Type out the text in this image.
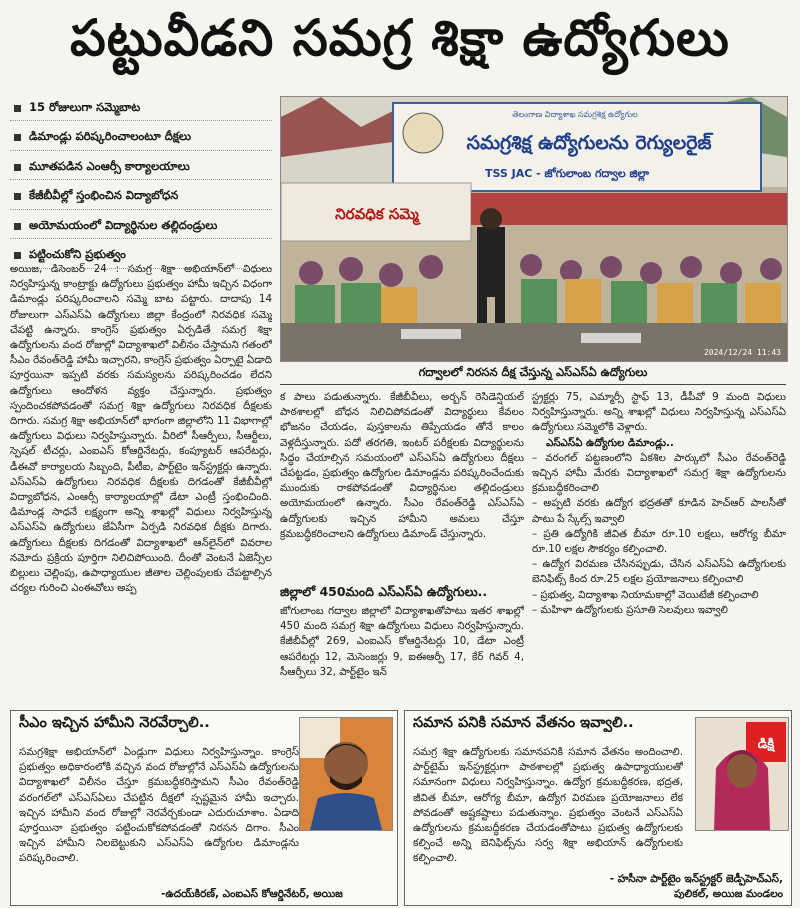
పట్టువీడని సమగ్ర శిక్షా ఉద్యోగులు
15 రోజులుగా సమ్మెబాట
డిమాండ్లు పరిష్కరించాలంటూ దీక్షలు
మూతపడిన ఎంఆర్సీ కార్యాలయాలు
కేజీబీవీల్లో స్తంభించిన విద్యాబోధన
అయోమయంలో విద్యార్థినుల తల్లిదండ్రులు
పట్టించుకోని ప్రభుత్వం

అయిజ, డిసెంబర్ 24 : సమగ్ర శిక్షా అభియాన్‌లో విధులు నిర్వహిస్తున్న కాంట్రాక్టు ఉద్యోగులు ప్రభుత్వం హామీ ఇచ్చిన విధంగా డిమాండ్లు పరిష్కరించాలని సమ్మె బాట పట్టారు. దాదాపు 14 రోజులుగా ఎస్‌ఎస్‌ఏ ఉద్యోగులు జిల్లా కేంద్రంలో నిరవధిక సమ్మె చేపట్టి ఉన్నారు. కాంగ్రెస్ ప్రభుత్వం ఏర్పడితే సమగ్ర శిక్షా ఉద్యోగులను వంద రోజుల్లో విద్యాశాఖలో విలీనం చేస్తామని గతంలో సీఎం రేవంత్‌రెడ్డి హామీ ఇచ్చారని, కాంగ్రెస్ ప్రభుత్వం ఏర్పాటై ఏడాది పూర్తయినా ఇప్పటి వరకు సమస్యలను పరిష్కరించడం లేదని ఉద్యోగులు ఆందోళన వ్యక్తం చేస్తున్నారు. ప్రభుత్వం స్పందించకపోవడంతో సమగ్ర శిక్షా ఉద్యోగులు నిరవధిక దీక్షలకు దిగారు. సమగ్ర శిక్షా అభియాన్‌లో భాగంగా జిల్లాలోని 11 విభాగాల్లో ఉద్యోగులు విధులు నిర్వహిస్తున్నారు. వీరిలో సీఆర్పీలు, సీఆర్టీలు, స్పెషల్ టీచర్లు, ఎంఐఎస్ కోఆర్డినేటర్లు, కంప్యూటర్ ఆపరేటర్లు, డీఈవో కార్యాలయ సిబ్బంది, పీటీఐ, పార్ట్‌టైం ఇన్‌స్ట్రక్టర్లు ఉన్నారు. ఎస్‌ఎస్‌ఏ ఉద్యోగులు నిరవధిక దీక్షలకు దిగడంతో కేజీబీవీల్లో విద్యాబోధన, ఎంఆర్సీ కార్యాలయాల్లో డేటా ఎంట్రీ స్తంభించింది. డిమాండ్ల సాధనే లక్ష్యంగా అన్ని శాఖల్లో విధులు నిర్వహిస్తున్న ఎస్‌ఎస్‌ఏ ఉద్యోగులు జేఏసీగా ఏర్పడి నిరవధిక దీక్షకు దిగారు. ఉద్యోగులు దీక్షలకు దిగడంతో విద్యాశాఖలో ఆన్‌లైన్‌లో వివరాల నమోదు ప్రక్రియ పూర్తిగా నిలిచిపోయింది. దీంతో వెంటనే ఏజెన్సీల బిల్లులు చెల్లింపు, ఉపాధ్యాయుల జీతాల చెల్లింపులకు చేపట్టాల్సిన చర్యల గురించి ఎంఈవోలు అప్ప

తెలంగాణ విద్యాశాఖ సమగ్రశిక్ష ఉద్యోగుల
సమగ్రశిక్ష ఉద్యోగులను రెగ్యులరైజ్
TSS JAC - జోగులాంబ గద్వాల జిల్లా
నిరవధిక సమ్మె
2024/12/24 11:43
గద్వాలలో నిరసన దీక్ష చేస్తున్న ఎస్‌ఎస్‌ఏ ఉద్యోగులు

క పాలు పడుతున్నారు. కేజీబీవీలు, అర్బన్ రెసిడెన్షియల్ పాఠశాలల్లో బోధన నిలిచిపోవడంతో విద్యార్థులు కేవలం భోజనం చేయడం, పుస్తకాలను తిప్పేయడం తోనే కాలం వెళ్లదీస్తున్నారు. పదో తరగతి, ఇంటర్ పరీక్షలకు విద్యార్థులను సిద్ధం చేయాల్సిన సమయంలో ఎస్‌ఎస్‌ఏ ఉద్యోగులు దీక్షలు చేపట్టడం, ప్రభుత్వం ఉద్యోగుల డిమాండ్లను పరిష్కరించేందుకు ముందుకు రాకపోవడంతో విద్యార్థినుల తల్లిదండ్రులు అయోమయంలో ఉన్నారు. సీఎం రేవంత్‌రెడ్డి ఎస్‌ఎస్‌ఏ ఉద్యోగులకు ఇచ్చిన హామీని అమలు చేస్తూ క్రమబద్ధీకరించాలని ఉద్యోగులు డిమాండ్ చేస్తున్నారు.

జిల్లాలో 450మంది ఎస్‌ఎస్‌ఏ ఉద్యోగులు..

జోగులాంబ గద్వాల జిల్లాలో విద్యాశాఖతోపాటు ఇతర శాఖల్లో 450 మంది సమగ్ర శిక్షా ఉద్యోగులు విధులు నిర్వహిస్తున్నారు. కేజీబీవీల్లో 269, ఎంఐఎస్ కోఆర్డినేటర్లు 10, డేటా ఎంట్రీ ఆపరేటర్లు 12, మెసెంజర్లు 9, ఐఈఆర్పీ 17, కేర్ గివర్ 4, సీఆర్పీలు 32, పార్ట్‌టైం ఇన్

స్ట్రక్టర్లు 75, ఎమ్మార్సీ స్టాఫ్ 13, డీపీవో 9 మంది విధులు నిర్వహిస్తున్నారు. అన్ని శాఖల్లో విధులు నిర్వహిస్తున్న ఎస్‌ఎస్‌ఏ ఉద్యోగులు సమ్మెలోకి వెళ్లారు.

ఎస్‌ఎస్‌ఏ ఉద్యోగుల డిమాండ్లు..

– వరంగల్ పట్టణంలోని ఏకశిల పార్కులో సీఎం రేవంత్‌రెడ్డి ఇచ్చిన హామీ మేరకు విద్యాశాఖలో సమగ్ర శిక్షా ఉద్యోగులను క్రమబద్ధీకరించాలి

– అప్పటి వరకు ఉద్యోగ భద్రతతో కూడిన హెచ్ఆర్ పాలసీతో పాటు పే స్కేల్స్ ఇవ్వాలి

– ప్రతి ఉద్యోగికి జీవిత బీమా రూ.10 లక్షలు, ఆరోగ్య బీమా రూ.10 లక్షల సౌకర్యం కల్పించాలి.

– ఉద్యోగ విరమణ చేసినప్పుడు, చేసిన ఎస్‌ఎస్‌ఏ ఉద్యోగులకు బెనిఫిట్స్ కింద రూ.25 లక్షల ప్రయోజనాలు కల్పించాలి

– ప్రభుత్వ, విద్యాశాఖ నియామకాల్లో వెయిటేజీ కల్పించాలి

– మహిళా ఉద్యోగులకు ప్రసూతి సెలవులు ఇవ్వాలి

సీఎం ఇచ్చిన హామీని నెరవేర్చాలి..
సమగ్రశిక్షా అభియాన్‌లో ఏండ్లుగా విధులు నిర్వహిస్తున్నాం. కాంగ్రెస్ ప్రభుత్వం అధికారంలోకి వచ్చిన వంద రోజుల్లోనే ఎస్‌ఎస్‌ఏ ఉద్యోగులను విద్యాశాఖలో విలీనం చేస్తూ క్రమబద్ధీకరిస్తామని సీఎం రేవంత్‌రెడ్డి వరంగల్‌లో ఎస్‌ఎస్‌ఏలు చేపట్టిన దీక్షలో స్పష్టమైన హామీ ఇచ్చారు. ఇచ్చిన హామీని వంద రోజుల్లో నెరవేర్చకుండా ఎదురుచూశాం. ఏడాది పూర్తయినా ప్రభుత్వం పట్టించుకోకపోవడంతో నిరసన దిగాం. సీఎం ఇచ్చిన హామీని నిలబెట్టుకుని ఎస్‌ఎస్‌ఏ ఉద్యోగుల డిమాండ్లను పరిష్కరించాలి.
-ఉదయ్‌కిరణ్, ఎంఐఎస్ కోఆర్డినేటర్, అయిజ
సమాన పనికి సమాన వేతనం ఇవ్వాలి..
సమగ్ర శిక్షా ఉద్యోగులకు సమానపనికి సమాన వేతనం అందించాలి. పార్ట్‌టైమ్ ఇన్‌స్ట్రక్టర్లుగా పాఠశాలల్లో ప్రభుత్వ ఉపాధ్యాయులతో సమానంగా విధులు నిర్వహిస్తున్నాం. ఉద్యోగ క్రమబద్ధీకరణ, భద్రత, జీవిత బీమా, ఆరోగ్య బీమా, ఉద్యోగ విరమణ ప్రయోజనాలు లేక పోవడంతో అష్టకష్టాలు పడుతున్నాం. ప్రభుత్వం వెంటనే ఎస్‌ఎస్‌ఏ ఉద్యోగులను క్రమబద్ధీకరణ చేయడంతోపాటు ప్రభుత్వ ఉద్యోగులకు కల్పించే అన్ని బెనిఫిట్స్‌ను సర్వ శిక్షా అభియాన్ ఉద్యోగులకు కల్పించాలి.
డిక్షి
- హసీనా పార్ట్‌టైం ఇన్‌స్ట్రక్టర్ జెడ్పీహెచ్‌ఎస్,
పులికల్, అయిజ మండలం
